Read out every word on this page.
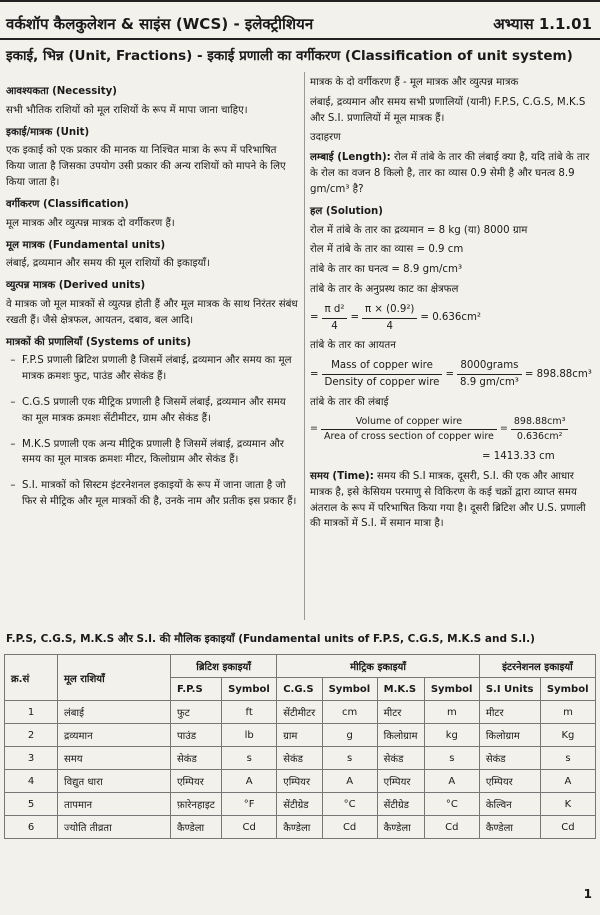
वर्कशॉप कैलकुलेशन & साइंस (WCS) - इलेक्ट्रीशियन	अभ्यास 1.1.01
इकाई, भिन्न (Unit, Fractions) - इकाई प्रणाली का वर्गीकरण (Classification of unit system)
आवश्यकता (Necessity)
सभी भौतिक राशियों को मूल राशियों के रूप में मापा जाना चाहिए।
इकाई/मात्रक (Unit)
एक इकाई को एक प्रकार की मानक या निश्चित मात्रा के रूप में परिभाषित किया जाता है जिसका उपयोग उसी प्रकार की अन्य राशियों को मापने के लिए किया जाता है।
वर्गीकरण (Classification)
मूल मात्रक और व्युत्पन्न मात्रक दो वर्गीकरण हैं।
मूल मात्रक (Fundamental units)
लंबाई, द्रव्यमान और समय की मूल राशियों की इकाइयाँ।
व्युत्पन्न मात्रक (Derived units)
वे मात्रक जो मूल मात्रकों से व्युत्पन्न होती हैं और मूल मात्रक के साथ निरंतर संबंध रखती हैं। जैसे क्षेत्रफल, आयतन, दबाव, बल आदि।
मात्रकों की प्रणालियाँ (Systems of units)
– F.P.S प्रणाली ब्रिटिश प्रणाली है जिसमें लंबाई, द्रव्यमान और समय का मूल मात्रक क्रमशः फुट, पाउंड और सेकंड हैं।
– C.G.S प्रणाली एक मीट्रिक प्रणाली है जिसमें लंबाई, द्रव्यमान और समय का मूल मात्रक क्रमशः सेंटीमीटर, ग्राम और सेकंड हैं।
– M.K.S प्रणाली एक अन्य मीट्रिक प्रणाली है जिसमें लंबाई, द्रव्यमान और समय का मूल मात्रक क्रमशः मीटर, किलोग्राम और सेकंड हैं।
– S.I. मात्रकों को सिस्टम इंटरनेशनल इकाइयों के रूप में जाना जाता है जो फिर से मीट्रिक और मूल मात्रकों की है, उनके नाम और प्रतीक इस प्रकार हैं।
मात्रक के दो वर्गीकरण हैं - मूल मात्रक और व्युत्पन्न मात्रक
लंबाई, द्रव्यमान और समय सभी प्रणालियों (यानी) F.P.S, C.G.S, M.K.S और S.I. प्रणालियों में मूल मात्रक हैं।
उदाहरण
लम्बाई (Length): रोल में तांबे के तार की लंबाई क्या है, यदि तांबे के तार के रोल का वजन 8 किलो है, तार का व्यास 0.9 सेमी है और घनत्व 8.9 gm/cm³ है?
हल (Solution)
रोल में तांबे के तार का द्रव्यमान = 8 kg (या) 8000 ग्राम
रोल में तांबे के तार का व्यास = 0.9 cm
तांबे के तार का घनत्व = 8.9 gm/cm³
तांबे के तार के अनुप्रस्थ काट का क्षेत्रफल
= $\frac{\text{π d²}}{4} = \frac{\text{π × (0.9²)}}{4} = 0.636cm^2$
तांबे के तार का आयतन
= $\frac{\text{Mass of copper wire}}{\text{Density of copper wire}} = \frac{\text{8000grams}}{\text{8.9 gm/cm³}} = 898.88cm^3$
तांबे के तार की लंबाई
= $\frac{\text{Volume of copper wire}}{\text{Area of cross section of copper wire}} = \frac{\text{898.88cm³}}{\text{0.636cm²}}$
= 1413.33 cm
समय (Time): समय की S.I मात्रक, दूसरी, S.I. की एक और आधार मात्रक है, इसे केसियम परमाणु से विकिरण के कई चक्रों द्वारा व्याप्त समय अंतराल के रूप में परिभाषित किया गया है। दूसरी ब्रिटिश और U.S. प्रणाली की मात्रकों में S.I. में समान मात्रा है।
F.P.S, C.G.S, M.K.S और S.I. की मौलिक इकाइयाँ (Fundamental units of F.P.S, C.G.S, M.K.S and S.I.)
क्र.सं	मूल राशियाँ	ब्रिटिश इकाइयाँ		मीट्रिक इकाइयाँ				इंटरनेशनल इकाइयाँ	
		F.P.S	Symbol	C.G.S	Symbol	M.K.S	Symbol	S.I Units	Symbol
1	लंबाई	फुट	ft	सेंटीमीटर	cm	मीटर	m	मीटर	m
2	द्रव्यमान	पाउंड	lb	ग्राम	g	किलोग्राम	kg	किलोग्राम	Kg
3	समय	सेकंड	s	सेकंड	s	सेकंड	s	सेकंड	s
4	विद्युत धारा	एम्पियर	A	एम्पियर	A	एम्पियर	A	एम्पियर	A
5	तापमान	फ़ारेनहाइट	°F	सेंटीग्रेड	°C	सेंटीग्रेड	°C	केल्विन	K
6	ज्योति तीव्रता	कैण्डेला	Cd	कैण्डेला	Cd	कैण्डेला	Cd	कैण्डेला	Cd
1
